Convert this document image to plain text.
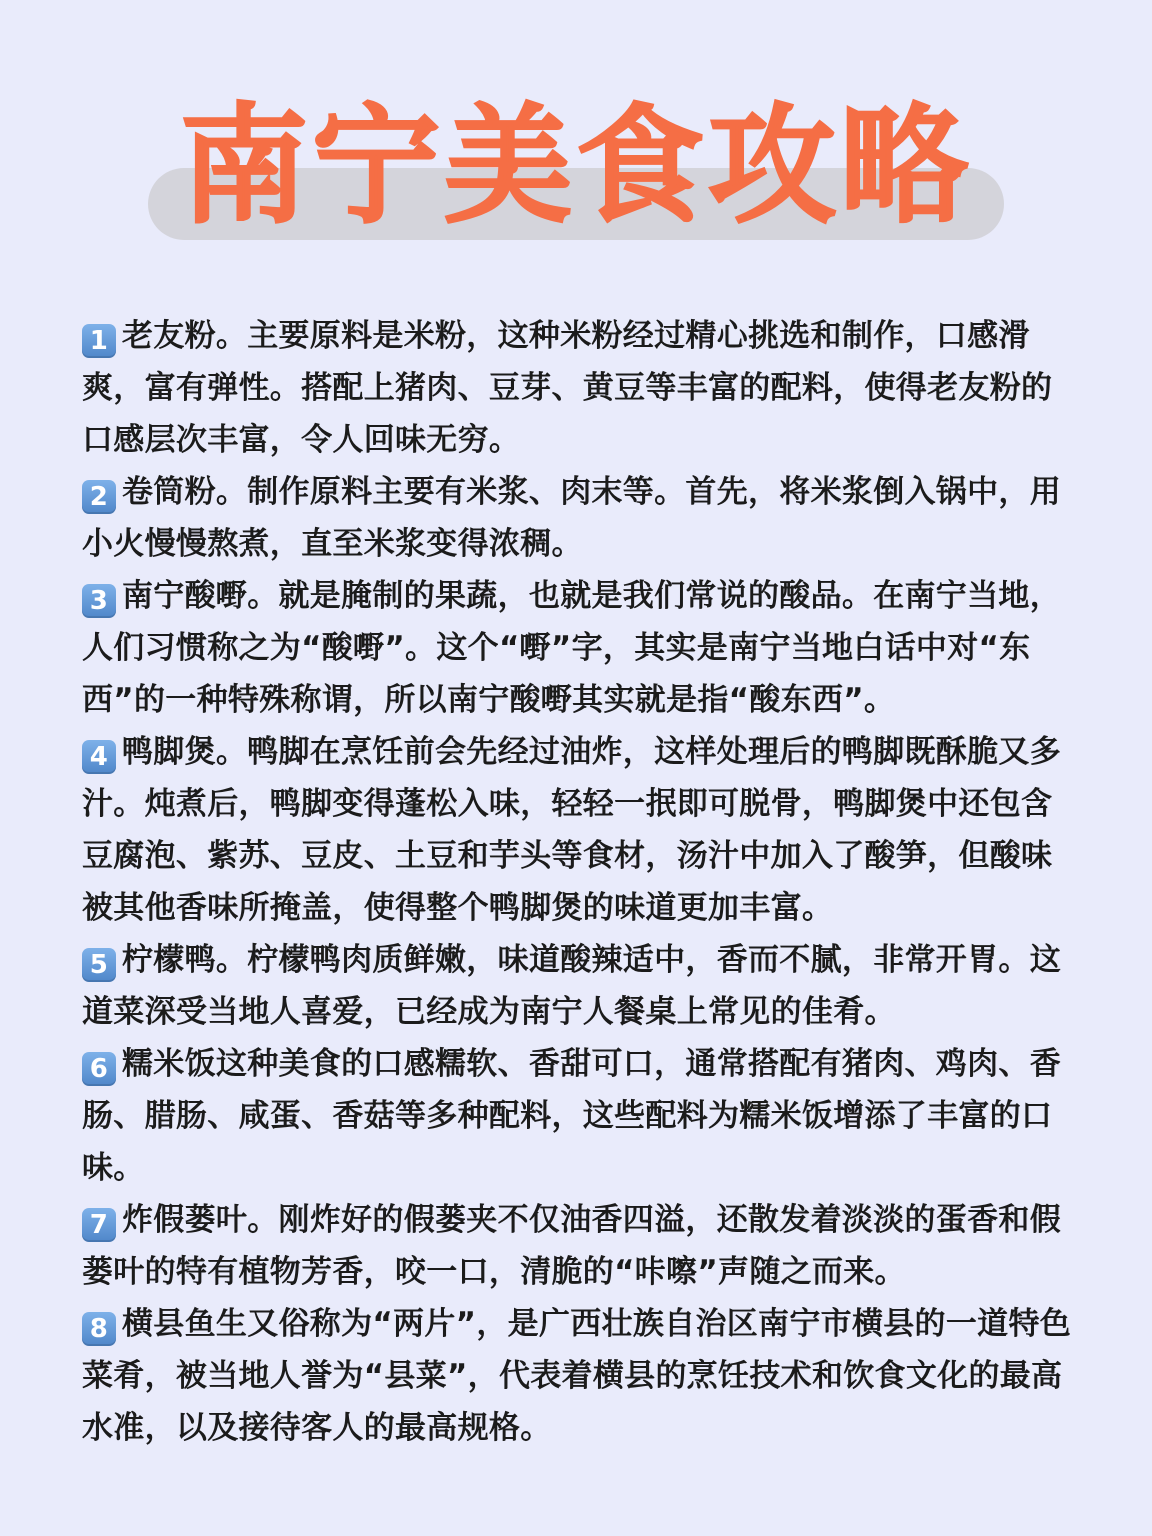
南宁美食攻略
1 老友粉。主要原料是米粉，这种米粉经过精心挑选和制作，口感滑爽，富有弹性。搭配上猪肉、豆芽、黄豆等丰富的配料，使得老友粉的口感层次丰富，令人回味无穷。
2 卷筒粉。制作原料主要有米浆、肉末等。首先，将米浆倒入锅中，用小火慢慢熬煮，直至米浆变得浓稠。
3 南宁酸嘢。就是腌制的果蔬，也就是我们常说的酸品。在南宁当地，人们习惯称之为“酸嘢”。这个“嘢”字，其实是南宁当地白话中对“东西”的一种特殊称谓，所以南宁酸嘢其实就是指“酸东西”。
4 鸭脚煲。鸭脚在烹饪前会先经过油炸，这样处理后的鸭脚既酥脆又多汁。炖煮后，鸭脚变得蓬松入味，轻轻一抿即可脱骨，鸭脚煲中还包含豆腐泡、紫苏、豆皮、土豆和芋头等食材，汤汁中加入了酸笋，但酸味被其他香味所掩盖，使得整个鸭脚煲的味道更加丰富。
5 柠檬鸭。柠檬鸭肉质鲜嫩，味道酸辣适中，香而不腻，非常开胃。这道菜深受当地人喜爱，已经成为南宁人餐桌上常见的佳肴。
6 糯米饭这种美食的口感糯软、香甜可口，通常搭配有猪肉、鸡肉、香肠、腊肠、咸蛋、香菇等多种配料，这些配料为糯米饭增添了丰富的口味。
7 炸假蒌叶。刚炸好的假蒌夹不仅油香四溢，还散发着淡淡的蛋香和假蒌叶的特有植物芳香，咬一口，清脆的“咔嚓”声随之而来。
8 横县鱼生又俗称为“两片”，是广西壮族自治区南宁市横县的一道特色菜肴，被当地人誉为“县菜”，代表着横县的烹饪技术和饮食文化的最高水准，以及接待客人的最高规格。
